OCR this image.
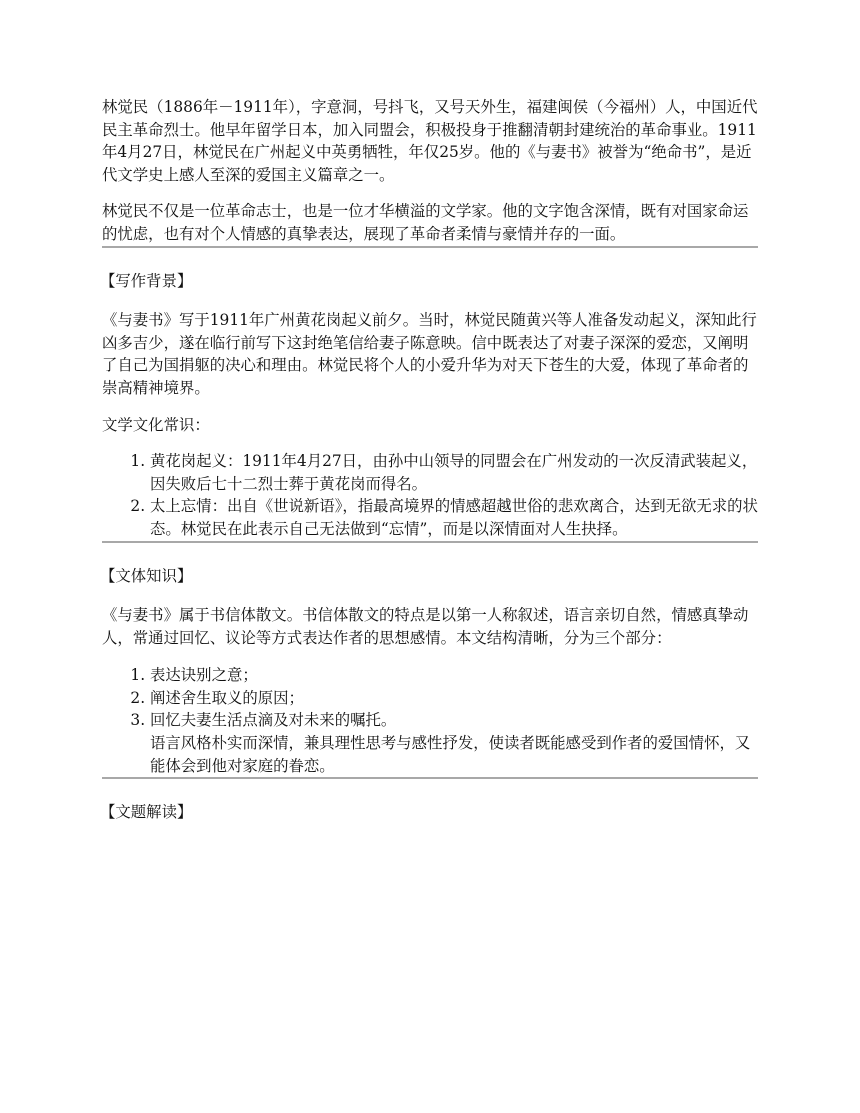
林觉民（1886年－1911年），字意洞，号抖飞，又号天外生，福建闽侯（今福州）人，中国近代民主革命烈士。他早年留学日本，加入同盟会，积极投身于推翻清朝封建统治的革命事业。1911年4月27日，林觉民在广州起义中英勇牺牲，年仅25岁。他的《与妻书》被誉为“绝命书”，是近代文学史上感人至深的爱国主义篇章之一。

林觉民不仅是一位革命志士，也是一位才华横溢的文学家。他的文字饱含深情，既有对国家命运的忧虑，也有对个人情感的真挚表达，展现了革命者柔情与豪情并存的一面。

【写作背景】

《与妻书》写于1911年广州黄花岗起义前夕。当时，林觉民随黄兴等人准备发动起义，深知此行凶多吉少，遂在临行前写下这封绝笔信给妻子陈意映。信中既表达了对妻子深深的爱恋，又阐明了自己为国捐躯的决心和理由。林觉民将个人的小爱升华为对天下苍生的大爱，体现了革命者的崇高精神境界。

文学文化常识：

1. 黄花岗起义：1911年4月27日，由孙中山领导的同盟会在广州发动的一次反清武装起义，因失败后七十二烈士葬于黄花岗而得名。
2. 太上忘情：出自《世说新语》，指最高境界的情感超越世俗的悲欢离合，达到无欲无求的状态。林觉民在此表示自己无法做到“忘情”，而是以深情面对人生抉择。

【文体知识】

《与妻书》属于书信体散文。书信体散文的特点是以第一人称叙述，语言亲切自然，情感真挚动人，常通过回忆、议论等方式表达作者的思想感情。本文结构清晰，分为三个部分：

1. 表达诀别之意；
2. 阐述舍生取义的原因；
3. 回忆夫妻生活点滴及对未来的嘱托。
语言风格朴实而深情，兼具理性思考与感性抒发，使读者既能感受到作者的爱国情怀，又能体会到他对家庭的眷恋。

【文题解读】
